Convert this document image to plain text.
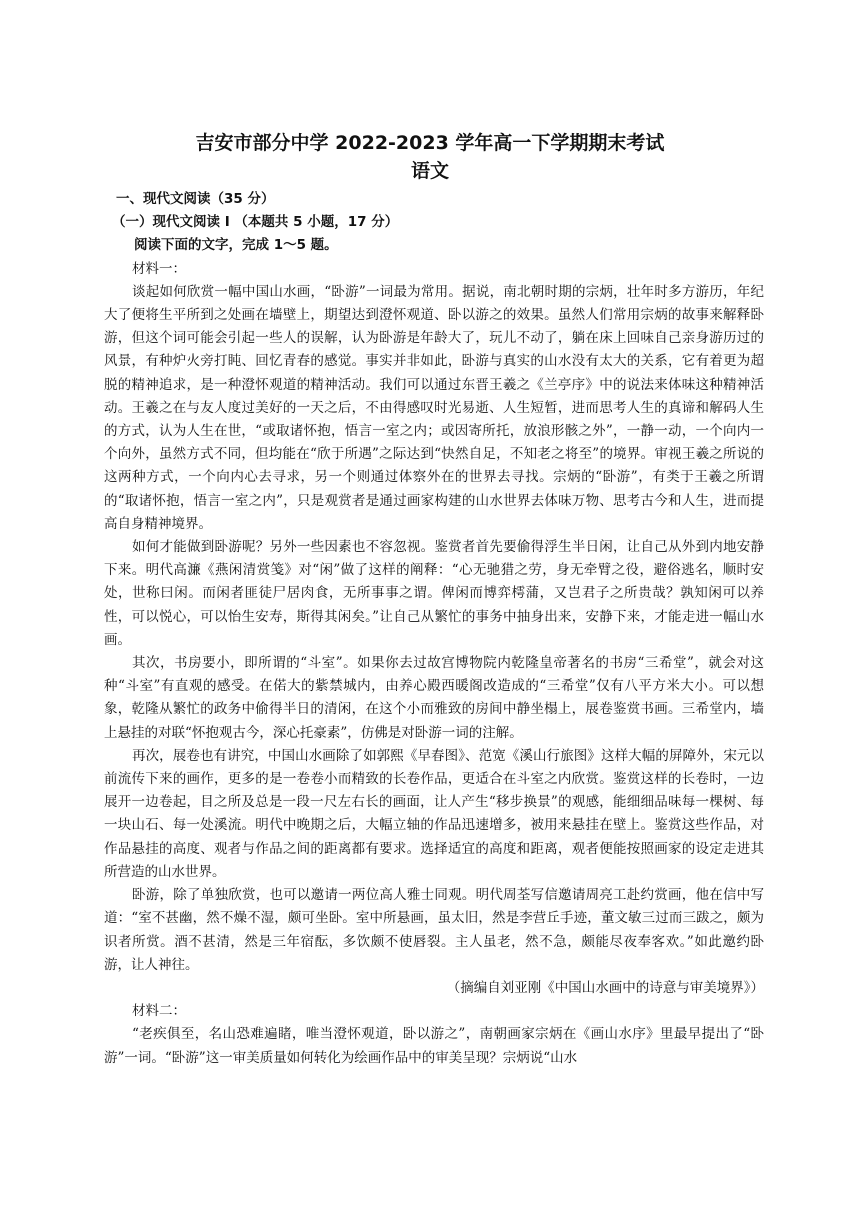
吉安市部分中学 2022-2023 学年高一下学期期末考试
语文

一、现代文阅读（35 分）

（一）现代文阅读 I （本题共 5 小题，17 分）

阅读下面的文字，完成 1～5 题。

材料一：

谈起如何欣赏一幅中国山水画，“卧游”一词最为常用。据说，南北朝时期的宗炳，壮年时多方游历，年纪大了便将生平所到之处画在墙壁上，期望达到澄怀观道、卧以游之的效果。虽然人们常用宗炳的故事来解释卧游，但这个词可能会引起一些人的误解，认为卧游是年龄大了，玩儿不动了，躺在床上回味自己亲身游历过的风景，有种炉火旁打盹、回忆青春的感觉。事实并非如此，卧游与真实的山水没有太大的关系，它有着更为超脱的精神追求，是一种澄怀观道的精神活动。我们可以通过东晋王羲之《兰亭序》中的说法来体味这种精神活动。王羲之在与友人度过美好的一天之后，不由得感叹时光易逝、人生短暂，进而思考人生的真谛和解码人生的方式，认为人生在世，“或取诸怀抱，悟言一室之内；或因寄所托，放浪形骸之外”，一静一动，一个向内一个向外，虽然方式不同，但均能在“欣于所遇”之际达到“快然自足，不知老之将至”的境界。审视王羲之所说的这两种方式，一个向内心去寻求，另一个则通过体察外在的世界去寻找。宗炳的“卧游”，有类于王羲之所谓的“取诸怀抱，悟言一室之内”，只是观赏者是通过画家构建的山水世界去体味万物、思考古今和人生，进而提高自身精神境界。

如何才能做到卧游呢？另外一些因素也不容忽视。鉴赏者首先要偷得浮生半日闲，让自己从外到内地安静下来。明代高濂《燕闲清赏笺》对“闲”做了这样的阐释：“心无驰猎之劳，身无牵臂之役，避俗逃名，顺时安处，世称曰闲。而闲者匪徒尸居肉食，无所事事之谓。俾闲而博弈樗蒲，又岂君子之所贵哉？孰知闲可以养性，可以悦心，可以怡生安寿，斯得其闲矣。”让自己从繁忙的事务中抽身出来，安静下来，才能走进一幅山水画。

其次，书房要小，即所谓的“斗室”。如果你去过故宫博物院内乾隆皇帝著名的书房“三希堂”，就会对这种“斗室”有直观的感受。在偌大的紫禁城内，由养心殿西暖阁改造成的“三希堂”仅有八平方米大小。可以想象，乾隆从繁忙的政务中偷得半日的清闲，在这个小而雅致的房间中静坐榻上，展卷鉴赏书画。三希堂内，墙上悬挂的对联“怀抱观古今，深心托豪素”，仿佛是对卧游一词的注解。

再次，展卷也有讲究，中国山水画除了如郭熙《早春图》、范宽《溪山行旅图》这样大幅的屏障外，宋元以前流传下来的画作，更多的是一卷卷小而精致的长卷作品，更适合在斗室之内欣赏。鉴赏这样的长卷时，一边展开一边卷起，目之所及总是一段一尺左右长的画面，让人产生“移步换景”的观感，能细细品味每一棵树、每一块山石、每一处溪流。明代中晚期之后，大幅立轴的作品迅速增多，被用来悬挂在壁上。鉴赏这些作品，对作品悬挂的高度、观者与作品之间的距离都有要求。选择适宜的高度和距离，观者便能按照画家的设定走进其所营造的山水世界。

卧游，除了单独欣赏，也可以邀请一两位高人雅士同观。明代周荃写信邀请周亮工赴约赏画，他在信中写道：“室不甚幽，然不燥不湿，颇可坐卧。室中所悬画，虽太旧，然是李营丘手迹，董文敏三过而三跋之，颇为识者所赏。酒不甚清，然是三年宿酝，多饮颇不使唇裂。主人虽老，然不急，颇能尽夜奉客欢。”如此邀约卧游，让人神往。

（摘编自刘亚刚《中国山水画中的诗意与审美境界》）

材料二：

“老疾俱至，名山恐难遍睹，唯当澄怀观道，卧以游之”，南朝画家宗炳在《画山水序》里最早提出了“卧游”一词。“卧游”这一审美质量如何转化为绘画作品中的审美呈现？宗炳说“山水
